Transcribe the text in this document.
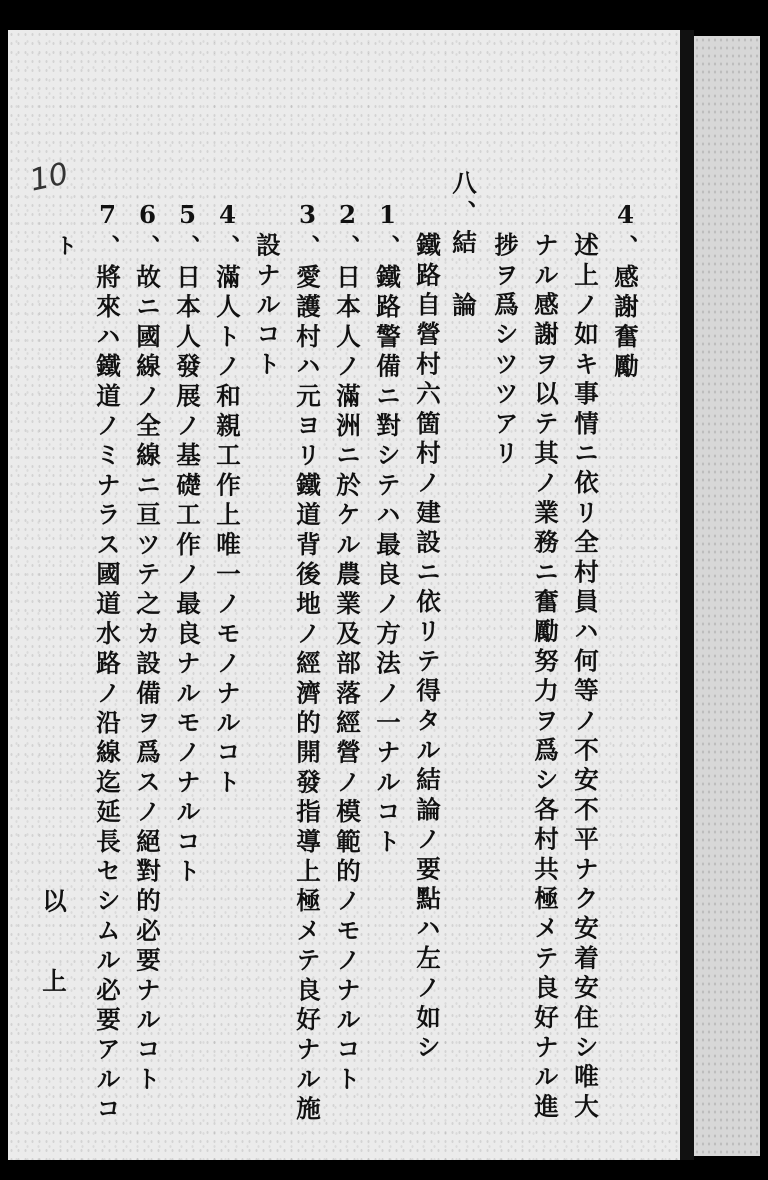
10
4、感謝奮勵
述上ノ如キ事情ニ依リ全村員ハ何等ノ不安不平ナク安着安住シ唯大
ナル感謝ヲ以テ其ノ業務ニ奮勵努力ヲ爲シ各村共極メテ良好ナル進
捗ヲ爲シツツアリ
八、結
論
鐵路自營村六箇村ノ建設ニ依リテ得タル結論ノ要點ハ左ノ如シ
1、鐵路警備ニ對シテハ最良ノ方法ノ一ナルコト
2、日本人ノ滿洲ニ於ケル農業及部落經營ノ模範的ノモノナルコト
3、愛護村ハ元ヨリ鐵道背後地ノ經濟的開發指導上極メテ良好ナル施
設ナルコト
4、滿人トノ和親工作上唯一ノモノナルコト
5、日本人發展ノ基礎工作ノ最良ナルモノナルコト
6、故ニ國線ノ全線ニ亘ツテ之カ設備ヲ爲スノ絕對的必要ナルコト
7、將來ハ鐵道ノミナラス國道水路ノ沿線迄延長セシムル必要アルコ
ト
以
上
